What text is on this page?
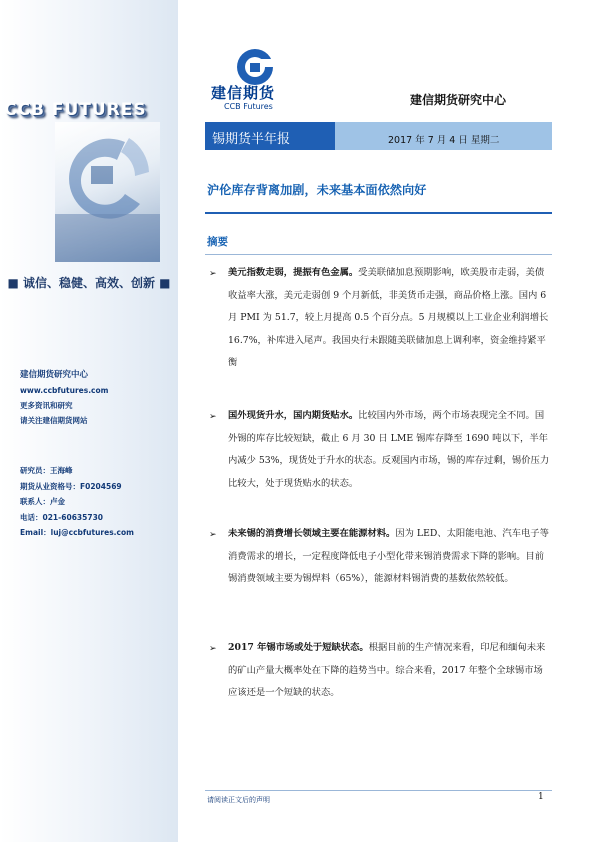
CCB FUTURES
■ 诚信、稳健、高效、创新 ■
建信期货研究中心
www.ccbfutures.com
更多资讯和研究
请关注建信期货网站
研究员：王海峰
期货从业资格号：F0204569
联系人：卢金
电话：021-60635730
Email：luj@ccbfutures.com
建信期货
CCB Futures	建信期货研究中心
锡期货半年报	2017 年 7 月 4 日 星期二
沪伦库存背离加剧，未来基本面依然向好
摘要
➢ 美元指数走弱，提振有色金属。受美联储加息预期影响，欧美股市走弱，美债收益率大涨，美元走弱创 9 个月新低，非美货币走强，商品价格上涨。国内 6 月 PMI 为 51.7，较上月提高 0.5 个百分点。5 月规模以上工业企业利润增长 16.7%，补库进入尾声。我国央行未跟随美联储加息上调利率，资金维持紧平衡
➢ 国外现货升水，国内期货贴水。比较国内外市场，两个市场表现完全不同。国外锡的库存比较短缺，截止 6 月 30 日 LME 锡库存降至 1690 吨以下，半年内减少 53%，现货处于升水的状态。反观国内市场，锡的库存过剩，锡价压力比较大，处于现货贴水的状态。
➢ 未来锡的消费增长领域主要在能源材料。因为 LED、太阳能电池、汽车电子等消费需求的增长，一定程度降低电子小型化带来锡消费需求下降的影响。目前锡消费领域主要为锡焊料（65%），能源材料锡消费的基数依然较低。
➢ 2017 年锡市场或处于短缺状态。根据目前的生产情况来看，印尼和缅甸未来的矿山产量大概率处在下降的趋势当中。综合来看，2017 年整个全球锡市场应该还是一个短缺的状态。
请阅读正文后的声明	1
